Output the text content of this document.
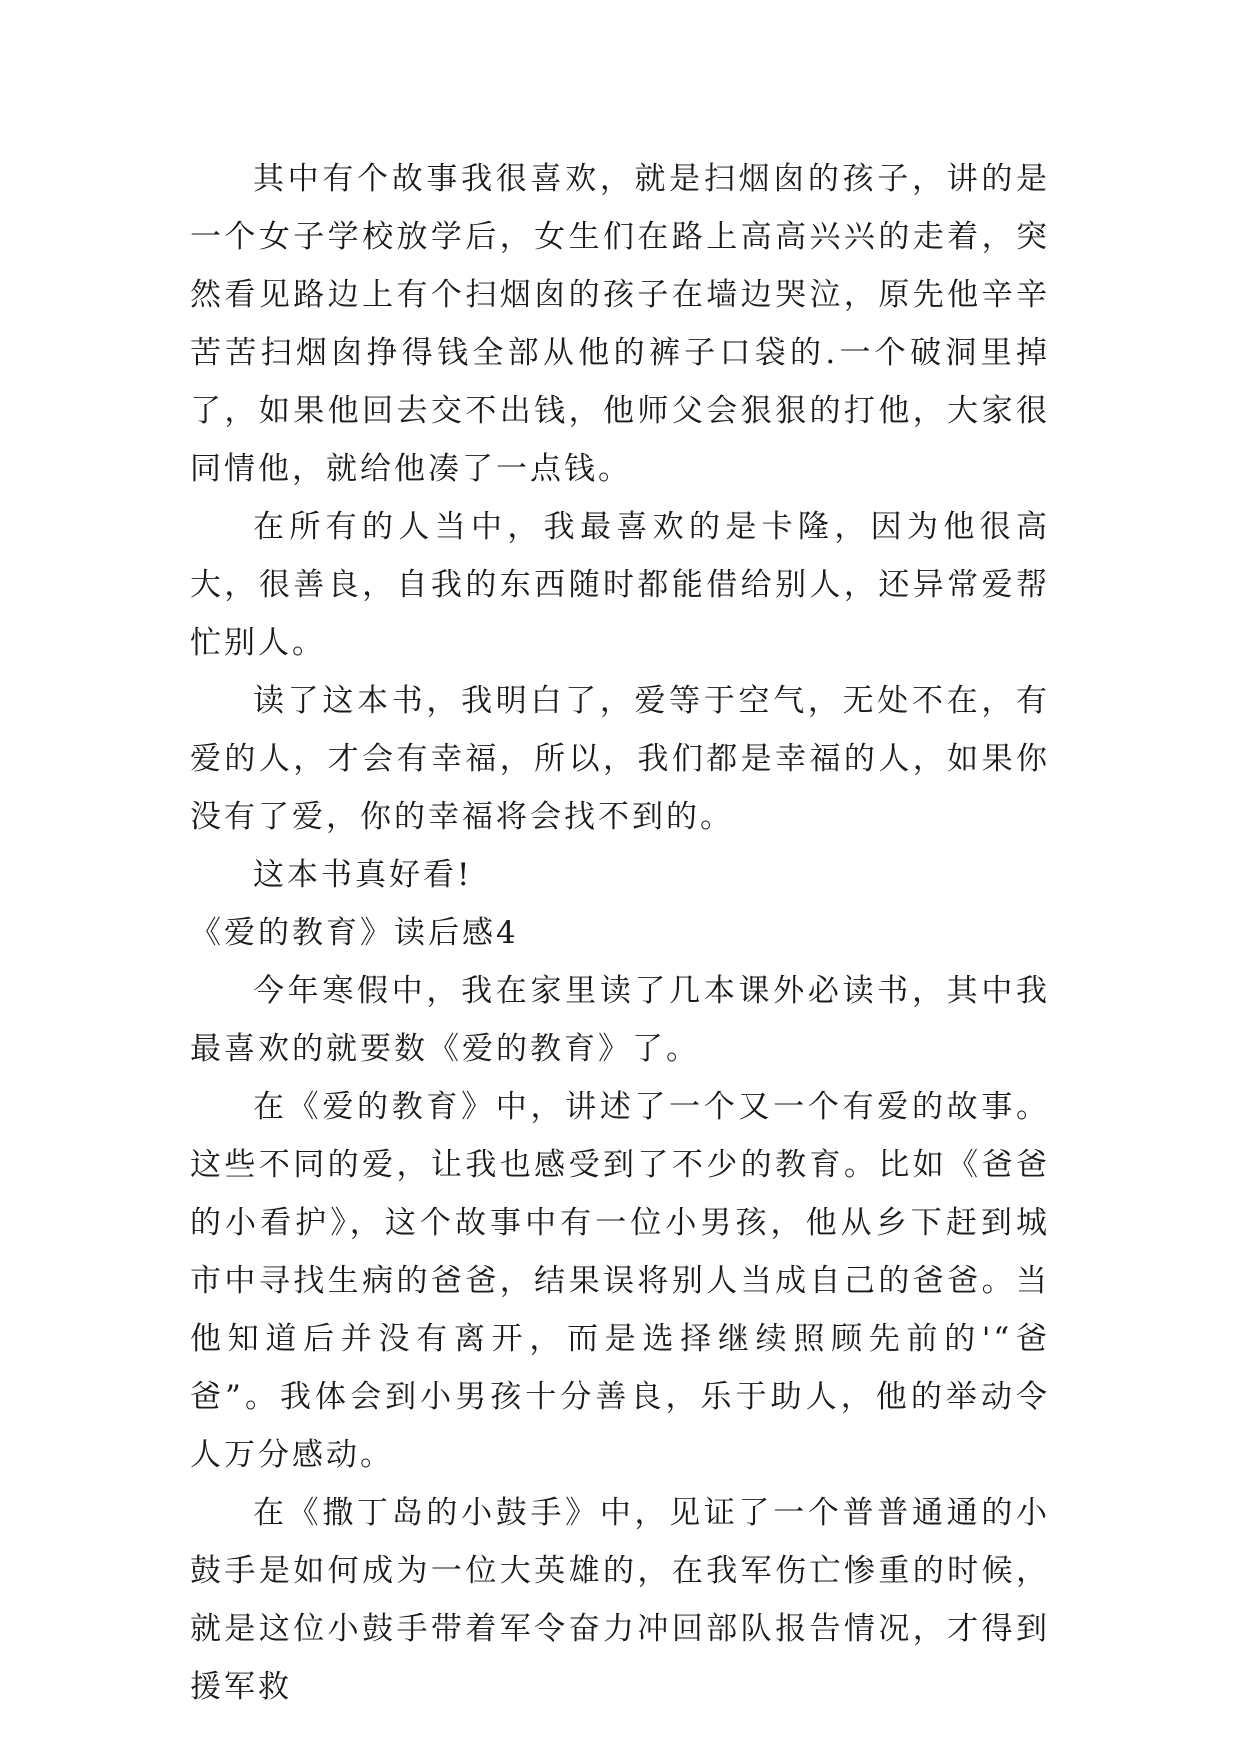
其中有个故事我很喜欢，就是扫烟囱的孩子，讲的是一个女子学校放学后，女生们在路上高高兴兴的走着，突然看见路边上有个扫烟囱的孩子在墙边哭泣，原先他辛辛苦苦扫烟囱挣得钱全部从他的裤子口袋的.一个破洞里掉了，如果他回去交不出钱，他师父会狠狠的打他，大家很同情他，就给他凑了一点钱。

在所有的人当中，我最喜欢的是卡隆，因为他很高大，很善良，自我的东西随时都能借给别人，还异常爱帮忙别人。

读了这本书，我明白了，爱等于空气，无处不在，有爱的人，才会有幸福，所以，我们都是幸福的人，如果你没有了爱，你的幸福将会找不到的。

这本书真好看!

《爱的教育》读后感4

今年寒假中，我在家里读了几本课外必读书，其中我最喜欢的就要数《爱的教育》了。

在《爱的教育》中，讲述了一个又一个有爱的故事。这些不同的爱，让我也感受到了不少的教育。比如《爸爸的小看护》，这个故事中有一位小男孩，他从乡下赶到城市中寻找生病的爸爸，结果误将别人当成自己的爸爸。当他知道后并没有离开，而是选择继续照顾先前的'“爸爸”。我体会到小男孩十分善良，乐于助人，他的举动令人万分感动。

在《撒丁岛的小鼓手》中，见证了一个普普通通的小鼓手是如何成为一位大英雄的，在我军伤亡惨重的时候，就是这位小鼓手带着军令奋力冲回部队报告情况，才得到援军救
